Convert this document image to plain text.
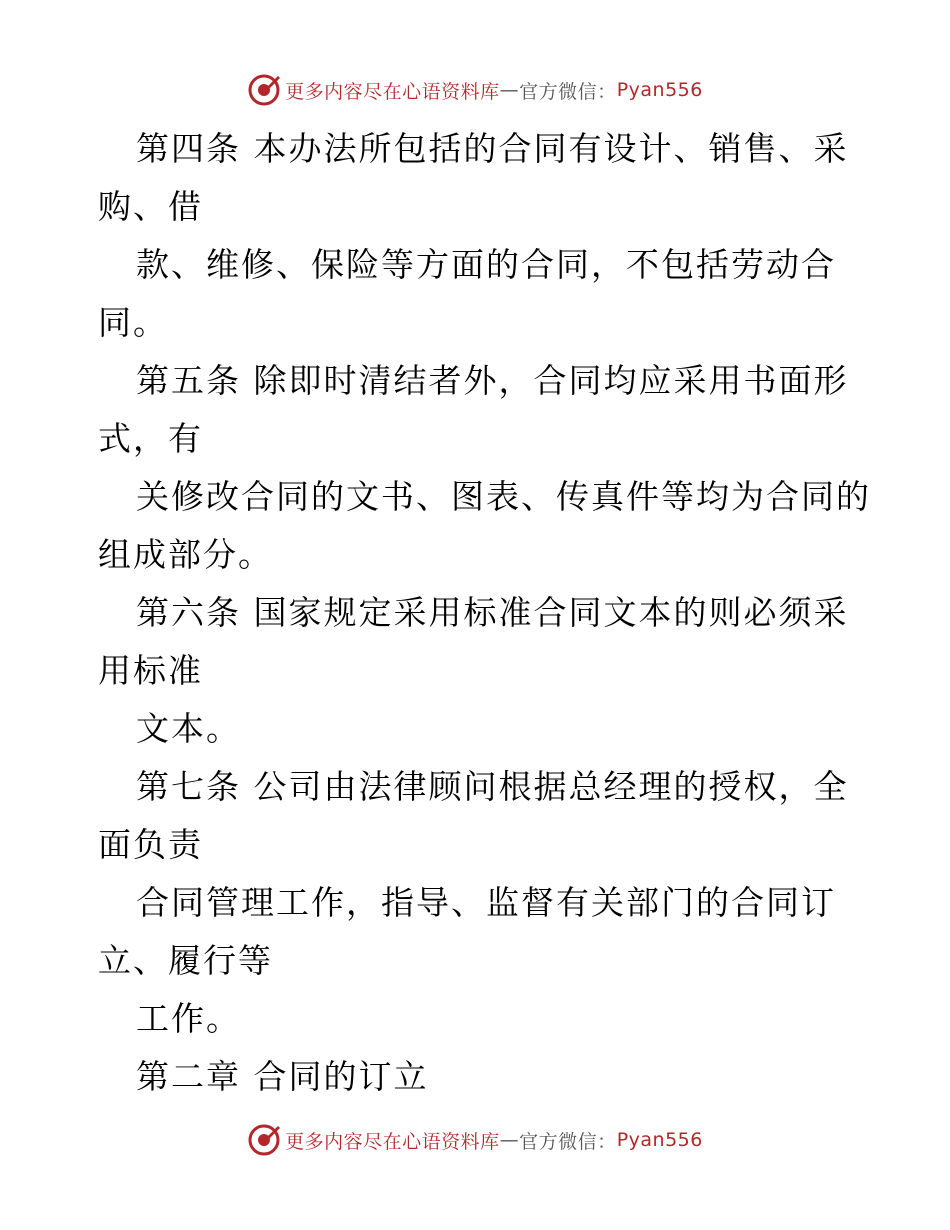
更多内容尽在心语资料库 — 官方微信： Pyan556
第四条 本办法所包括的合同有设计、销售、采
购、借
款、维修、保险等方面的合同，不包括劳动合
同。
第五条 除即时清结者外，合同均应采用书面形
式，有
关修改合同的文书、图表、传真件等均为合同的
组成部分。
第六条 国家规定采用标准合同文本的则必须采
用标准
文本。
第七条 公司由法律顾问根据总经理的授权，全
面负责
合同管理工作，指导、监督有关部门的合同订
立、履行等
工作。
第二章 合同的订立
更多内容尽在心语资料库 — 官方微信： Pyan556
